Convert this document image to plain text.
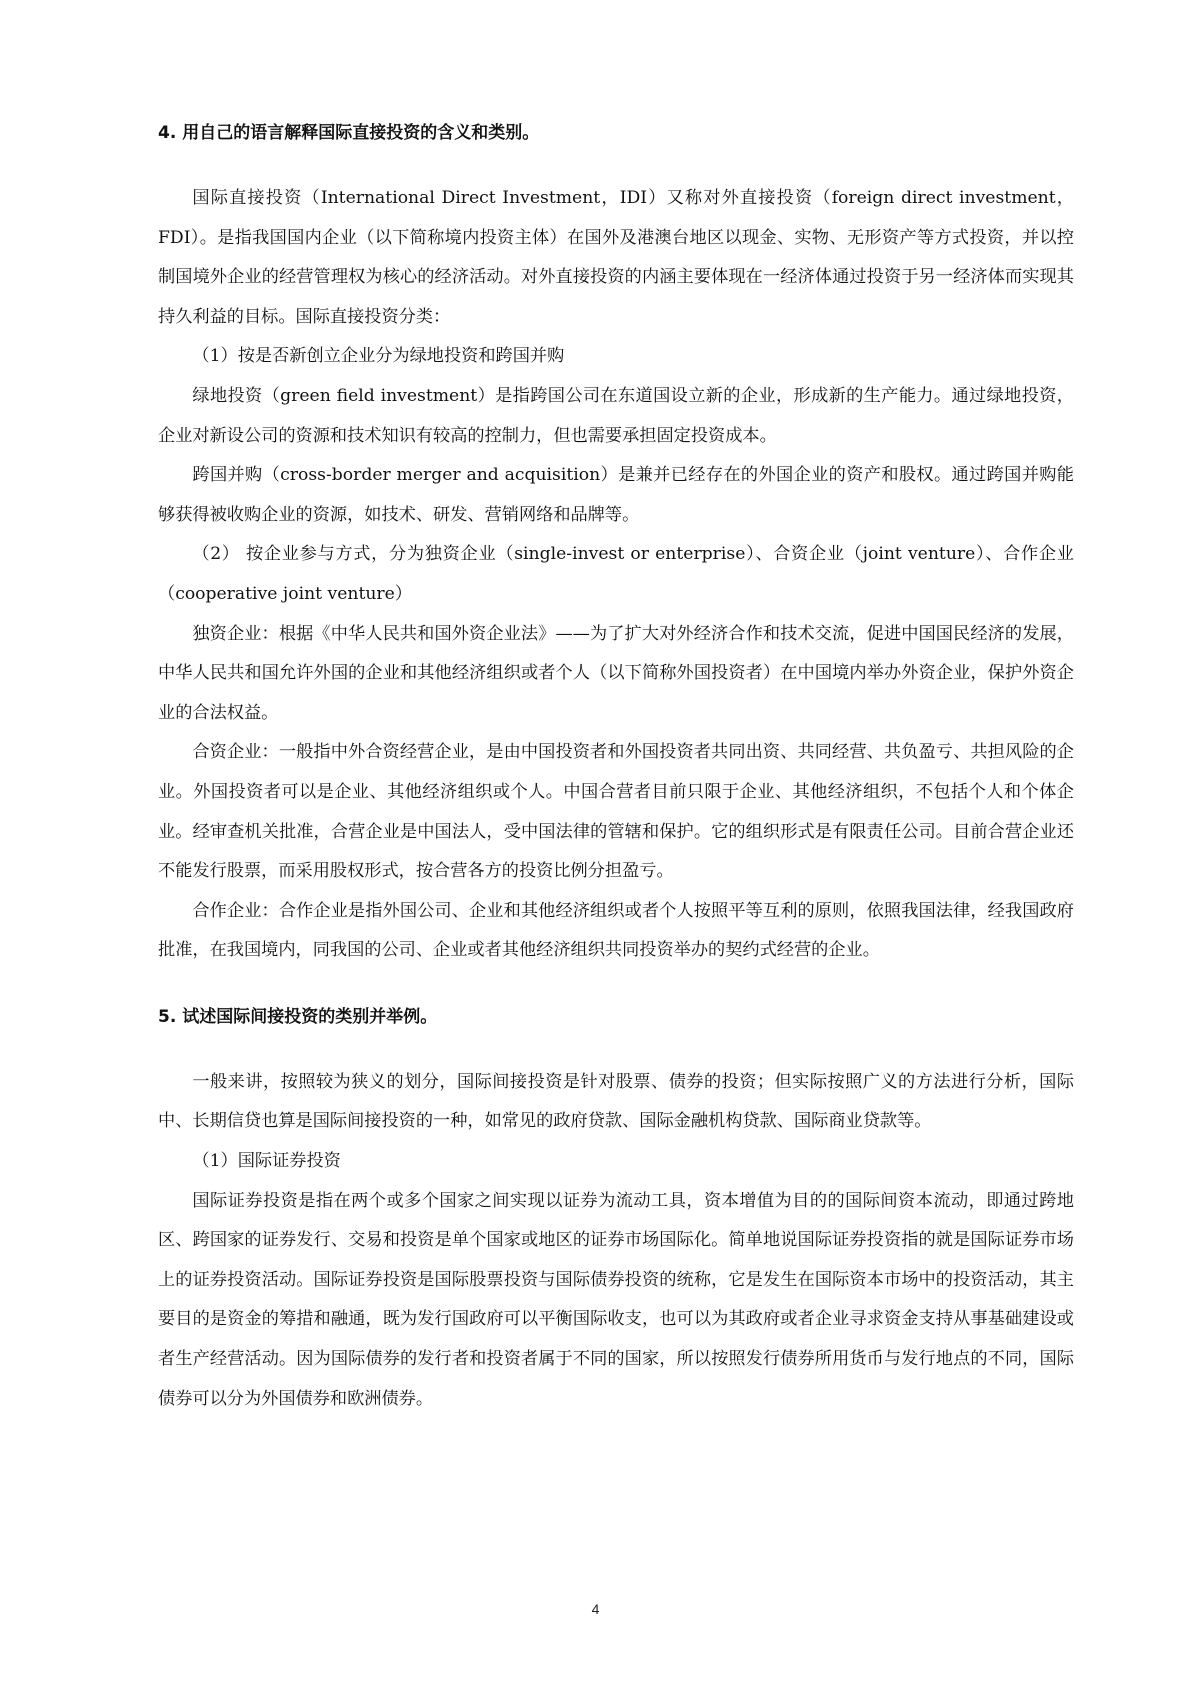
4. 用自己的语言解释国际直接投资的含义和类别。

国际直接投资（International Direct Investment，IDI）又称对外直接投资（foreign direct investment，FDI）。是指我国国内企业（以下简称境内投资主体）在国外及港澳台地区以现金、实物、无形资产等方式投资，并以控制国境外企业的经营管理权为核心的经济活动。对外直接投资的内涵主要体现在一经济体通过投资于另一经济体而实现其持久利益的目标。国际直接投资分类：

（1）按是否新创立企业分为绿地投资和跨国并购

绿地投资（green field investment）是指跨国公司在东道国设立新的企业，形成新的生产能力。通过绿地投资，企业对新设公司的资源和技术知识有较高的控制力，但也需要承担固定投资成本。

跨国并购（cross-border merger and acquisition）是兼并已经存在的外国企业的资产和股权。通过跨国并购能够获得被收购企业的资源，如技术、研发、营销网络和品牌等。

（2） 按企业参与方式，分为独资企业（single-invest or enterprise）、合资企业（joint venture）、合作企业（cooperative joint venture）

独资企业：根据《中华人民共和国外资企业法》——为了扩大对外经济合作和技术交流，促进中国国民经济的发展，中华人民共和国允许外国的企业和其他经济组织或者个人（以下简称外国投资者）在中国境内举办外资企业，保护外资企业的合法权益。

合资企业：一般指中外合资经营企业，是由中国投资者和外国投资者共同出资、共同经营、共负盈亏、共担风险的企业。外国投资者可以是企业、其他经济组织或个人。中国合营者目前只限于企业、其他经济组织，不包括个人和个体企业。经审查机关批准，合营企业是中国法人，受中国法律的管辖和保护。它的组织形式是有限责任公司。目前合营企业还不能发行股票，而采用股权形式，按合营各方的投资比例分担盈亏。

合作企业：合作企业是指外国公司、企业和其他经济组织或者个人按照平等互利的原则，依照我国法律，经我国政府批准，在我国境内，同我国的公司、企业或者其他经济组织共同投资举办的契约式经营的企业。

5. 试述国际间接投资的类别并举例。

一般来讲，按照较为狭义的划分，国际间接投资是针对股票、债券的投资；但实际按照广义的方法进行分析，国际中、长期信贷也算是国际间接投资的一种，如常见的政府贷款、国际金融机构贷款、国际商业贷款等。

（1）国际证券投资

国际证券投资是指在两个或多个国家之间实现以证券为流动工具，资本增值为目的的国际间资本流动，即通过跨地区、跨国家的证券发行、交易和投资是单个国家或地区的证券市场国际化。简单地说国际证券投资指的就是国际证券市场上的证券投资活动。国际证券投资是国际股票投资与国际债券投资的统称，它是发生在国际资本市场中的投资活动，其主要目的是资金的筹措和融通，既为发行国政府可以平衡国际收支，也可以为其政府或者企业寻求资金支持从事基础建设或者生产经营活动。因为国际债券的发行者和投资者属于不同的国家，所以按照发行债券所用货币与发行地点的不同，国际债券可以分为外国债券和欧洲债券。

4
